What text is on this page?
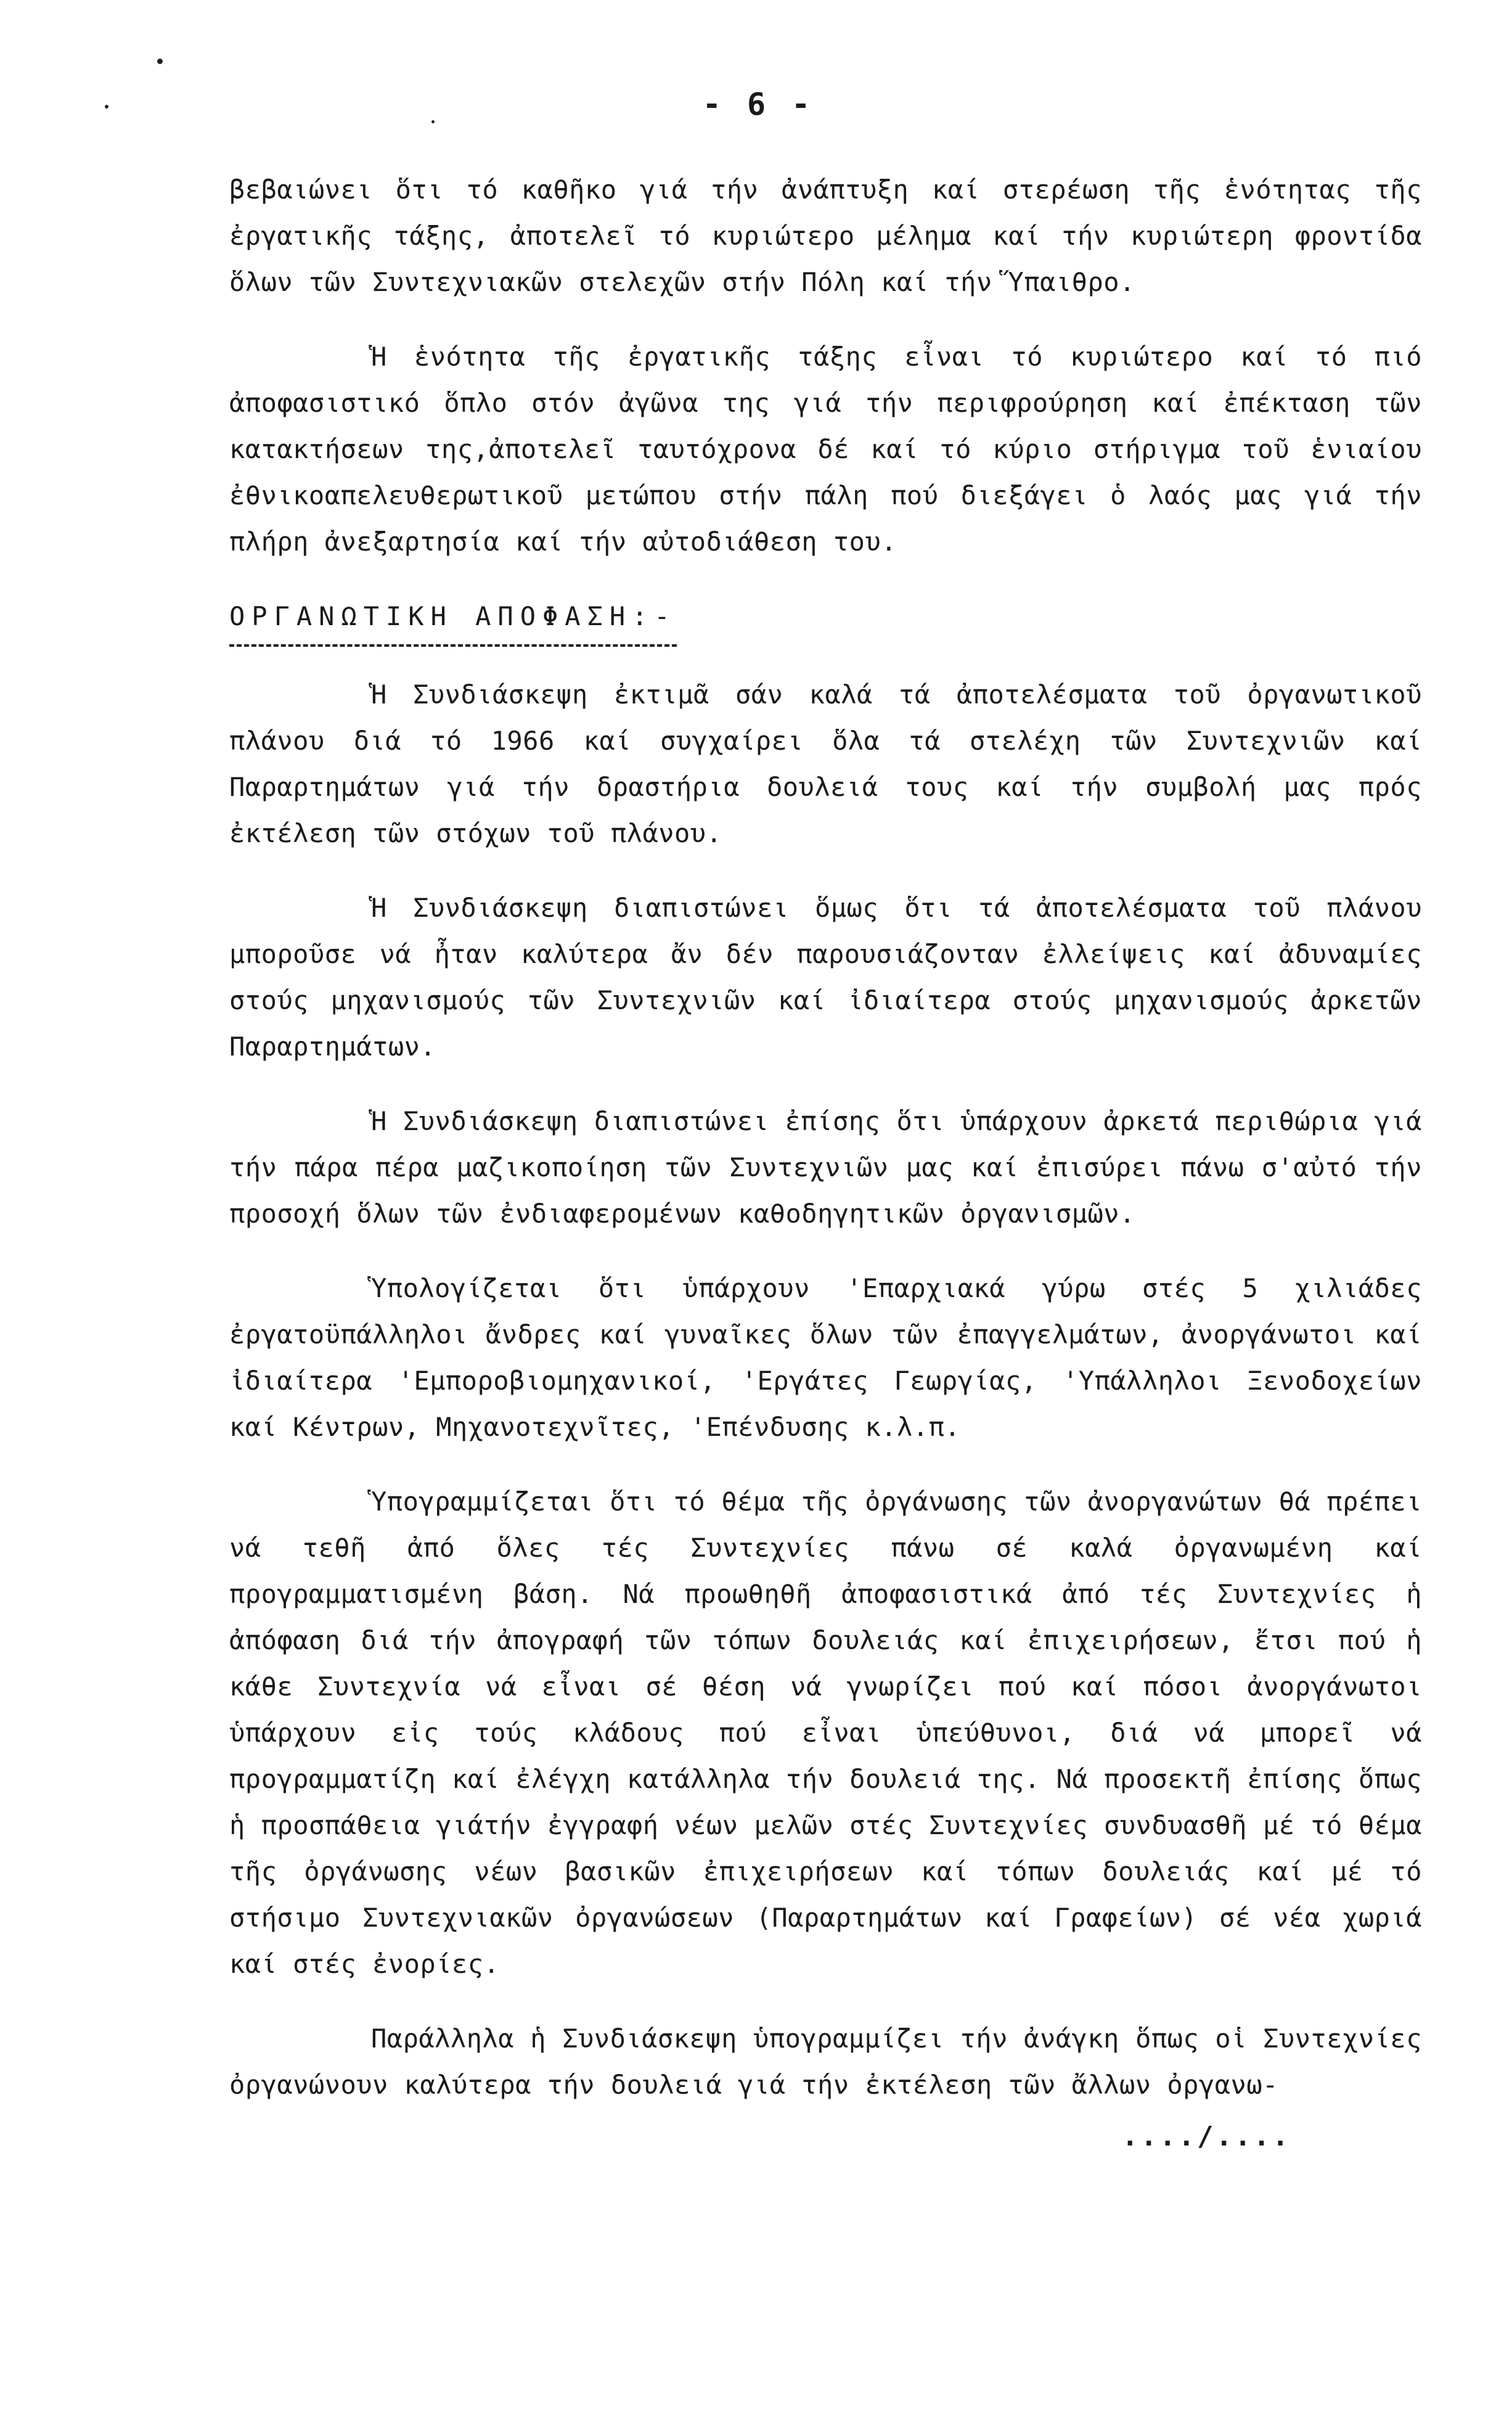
- 6 -

βεβαιώνει ὅτι τό καθῆκο γιά τήν ἀνάπτυξη καί στερέωση τῆς ἑνότητας τῆς ἐργατικῆς τάξης, ἀποτελεῖ τό κυριώτερο μέλημα καί τήν κυριώτερη φροντίδα ὅλων τῶν Συντεχνιακῶν στελεχῶν στήν Πόλη καί τήν Ὕπαιθρο.

Ἡ ἑνότητα τῆς ἐργατικῆς τάξης εἶναι τό κυριώτερο καί τό πιό ἀποφασιστικό ὅπλο στόν ἀγῶνα της γιά τήν περιφρούρηση καί ἐπέκταση τῶν κατακτήσεων της,ἀποτελεῖ ταυτόχρονα δέ καί τό κύριο στήριγμα τοῦ ἑνιαίου ἐθνικοαπελευθερωτικοῦ μετώπου στήν πάλη πού διεξάγει ὁ λαός μας γιά τήν πλήρη ἀνεξαρτησία καί τήν αὐτοδιάθεση του.

ΟΡΓΑΝΩΤΙΚΗ ΑΠΟΦΑΣΗ:-

Ἡ Συνδιάσκεψη ἐκτιμᾶ σάν καλά τά ἀποτελέσματα τοῦ ὀργανωτικοῦ πλάνου διά τό 1966 καί συγχαίρει ὅλα τά στελέχη τῶν Συντεχνιῶν καί Παραρτημάτων γιά τήν δραστήρια δουλειά τους καί τήν συμβολή μας πρός ἐκτέλεση τῶν στόχων τοῦ πλάνου.

Ἡ Συνδιάσκεψη διαπιστώνει ὅμως ὅτι τά ἀποτελέσματα τοῦ πλάνου μποροῦσε νά ἦταν καλύτερα ἄν δέν παρουσιάζονταν ἐλλείψεις καί ἀδυναμίες στούς μηχανισμούς τῶν Συντεχνιῶν καί ἰδιαίτερα στούς μηχανισμούς ἀρκετῶν Παραρτημάτων.

Ἡ Συνδιάσκεψη διαπιστώνει ἐπίσης ὅτι ὑπάρχουν ἀρκετά περιθώρια γιά τήν πάρα πέρα μαζικοποίηση τῶν Συντεχνιῶν μας καί ἐπισύρει πάνω σ'αὐτό τήν προσοχή ὅλων τῶν ἐνδιαφερομένων καθοδηγητικῶν ὀργανισμῶν.

Ὑπολογίζεται ὅτι ὑπάρχουν 'Επαρχιακά γύρω στές 5 χιλιάδες ἐργατοϋπάλληλοι ἄνδρες καί γυναῖκες ὅλων τῶν ἐπαγγελμάτων, ἀνοργάνωτοι καί ἰδιαίτερα 'Εμποροβιομηχανικοί, 'Εργάτες Γεωργίας, 'Υπάλληλοι Ξενοδοχείων καί Κέντρων, Μηχανοτεχνῖτες, 'Επένδυσης κ.λ.π.

Ὑπογραμμίζεται ὅτι τό θέμα τῆς ὀργάνωσης τῶν ἀνοργανώτων θά πρέπει νά τεθῆ ἀπό ὅλες τές Συντεχνίες πάνω σέ καλά ὀργανωμένη καί προγραμματισμένη βάση. Νά προωθηθῆ ἀποφασιστικά ἀπό τές Συντεχνίες ἡ ἀπόφαση διά τήν ἀπογραφή τῶν τόπων δουλειάς καί ἐπιχειρήσεων, ἔτσι πού ἡ κάθε Συντεχνία νά εἶναι σέ θέση νά γνωρίζει πού καί πόσοι ἀνοργάνωτοι ὑπάρχουν εἰς τούς κλάδους πού εἶναι ὑπεύθυνοι, διά νά μπορεῖ νά προγραμματίζη καί ἐλέγχη κατάλληλα τήν δουλειά της. Νά προσεκτῆ ἐπίσης ὅπως ἡ προσπάθεια γιάτήν ἐγγραφή νέων μελῶν στές Συντεχνίες συνδυασθῆ μέ τό θέμα τῆς ὀργάνωσης νέων βασικῶν ἐπιχειρήσεων καί τόπων δουλειάς καί μέ τό στήσιμο Συντεχνιακῶν ὀργανώσεων (Παραρτημάτων καί Γραφείων) σέ νέα χωριά καί στές ἐνορίες.

Παράλληλα ἡ Συνδιάσκεψη ὑπογραμμίζει τήν ἀνάγκη ὅπως οἱ Συντεχνίες ὀργανώνουν καλύτερα τήν δουλειά γιά τήν ἐκτέλεση τῶν ἄλλων ὀργανω-

..../....
